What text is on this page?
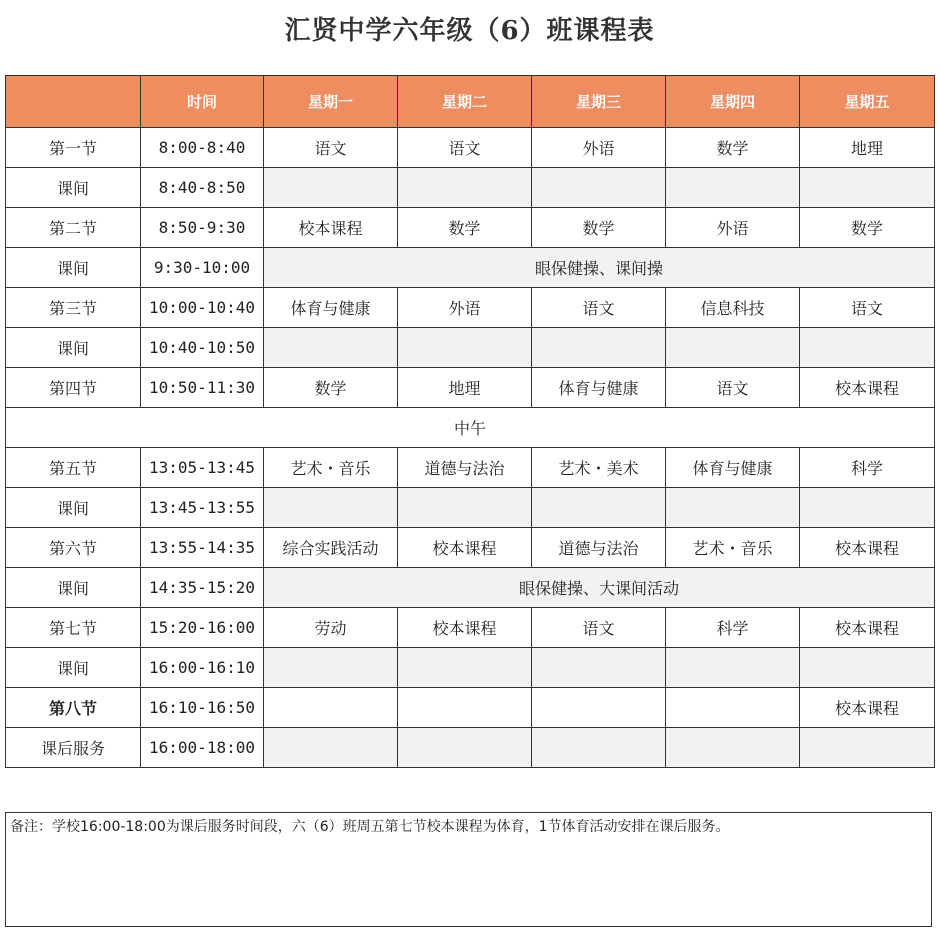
汇贤中学六年级（6）班课程表
	时间	星期一	星期二	星期三	星期四	星期五
第一节	8:00-8:40	语文	语文	外语	数学	地理
课间	8:40-8:50					
第二节	8:50-9:30	校本课程	数学	数学	外语	数学
课间	9:30-10:00	眼保健操、课间操				
第三节	10:00-10:40	体育与健康	外语	语文	信息科技	语文
课间	10:40-10:50					
第四节	10:50-11:30	数学	地理	体育与健康	语文	校本课程
中午						
第五节	13:05-13:45	艺术・音乐	道德与法治	艺术・美术	体育与健康	科学
课间	13:45-13:55					
第六节	13:55-14:35	综合实践活动	校本课程	道德与法治	艺术・音乐	校本课程
课间	14:35-15:20	眼保健操、大课间活动				
第七节	15:20-16:00	劳动	校本课程	语文	科学	校本课程
课间	16:00-16:10					
第八节	16:10-16:50					校本课程
课后服务	16:00-18:00					
备注：学校16:00-18:00为课后服务时间段，六（6）班周五第七节校本课程为体育，1节体育活动安排在课后服务。
